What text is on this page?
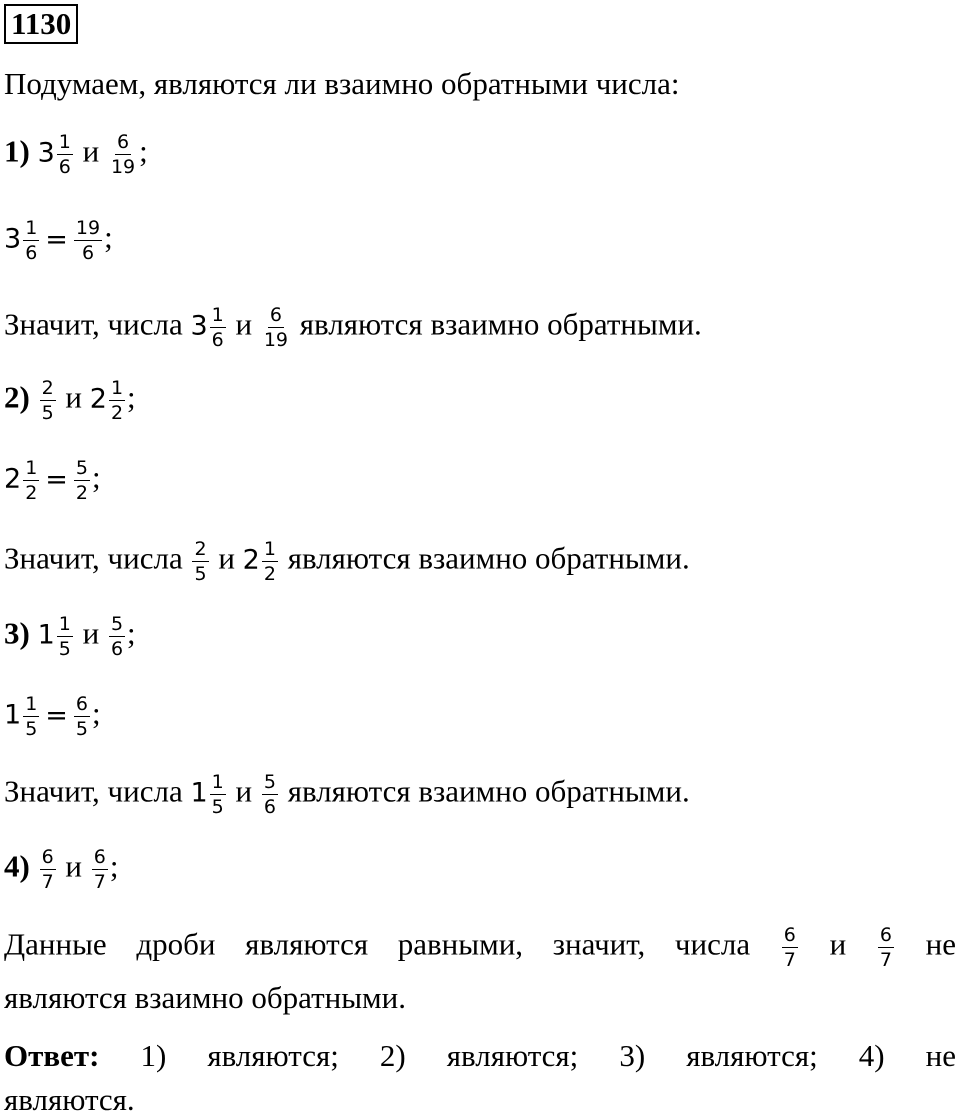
1130
Подумаем, являются ли взаимно обратными числа:
1) $3 \frac{1}{6}$ и $\frac{6}{19}$ ;
$3 \frac{1}{6} = \frac{19}{6}$ ;
Значит, числа $3 \frac{1}{6}$ и $\frac{6}{19}$ являются взаимно обратными.
$2) \frac{2}{5}$ и $2 \frac{1}{2}$ ;
$2 \frac{1}{2} = \frac{5}{2}$ ;
Значит, числа $\frac{2}{5}$ и $2 \frac{1}{2}$ являются взаимно обратными.
3) $1 \frac{1}{5}$ и $\frac{5}{6}$ ;
$1 \frac{1}{5} = \frac{6}{5}$ ;
Значит, числа $1 \frac{1}{5}$ и $\frac{5}{6}$ являются взаимно обратными.
$4) \frac{6}{7}$ и $\frac{6}{7}$ ;
Данные дроби являются равными, значит, числа $\frac{6}{7}$ и $\frac{6}{7}$ не
являются взаимно обратными.
Ответ: 1) являются; 2) являются; 3) являются; 4) не
являются.
